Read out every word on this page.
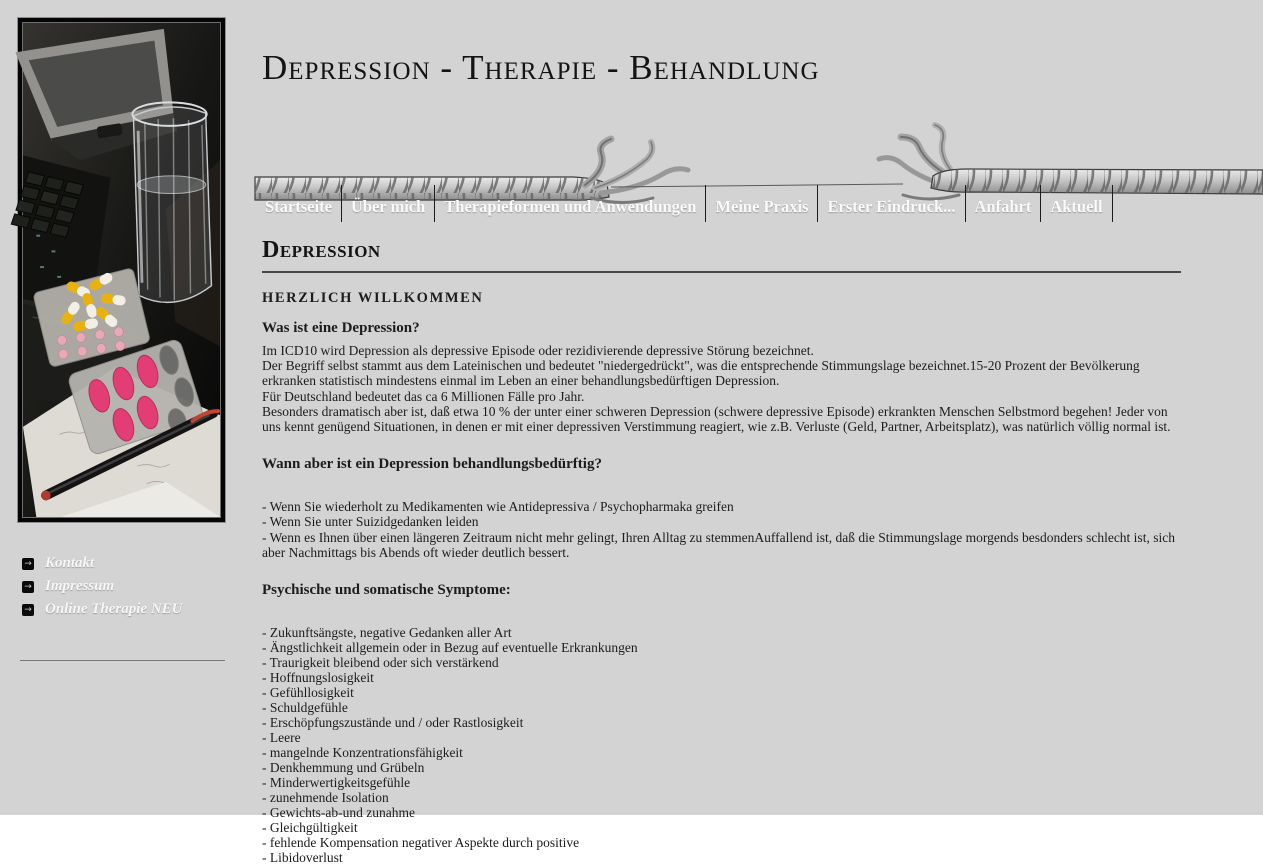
→ Kontakt
→ Impressum
→ Online Therapie NEU
Depression - Therapie - Behandlung
Startseite Über mich Therapieformen und Anwendungen Meine Praxis Erster Eindruck... Anfahrt Aktuell
Depression
HERZLICH WILLKOMMEN
Was ist eine Depression?

Im ICD10 wird Depression als depressive Episode oder rezidivierende depressive Störung bezeichnet.

Der Begriff selbst stammt aus dem Lateinischen und bedeutet "niedergedrückt", was die entsprechende Stimmungslage bezeichnet.15-20 Prozent der Bevölkerung erkranken statistisch mindestens einmal im Leben an einer behandlungsbedürftigen Depression.

Für Deutschland bedeutet das ca 6 Millionen Fälle pro Jahr.

Besonders dramatisch aber ist, daß etwa 10 % der unter einer schweren Depression (schwere depressive Episode) erkrankten Menschen Selbstmord begehen! Jeder von uns kennt genügend Situationen, in denen er mit einer depressiven Verstimmung reagiert, wie z.B. Verluste (Geld, Partner, Arbeitsplatz), was natürlich völlig normal ist.

Wann aber ist ein Depression behandlungsbedürftig?

- Wenn Sie wiederholt zu Medikamenten wie Antidepressiva / Psychopharmaka greifen

- Wenn Sie unter Suizidgedanken leiden

- Wenn es Ihnen über einen längeren Zeitraum nicht mehr gelingt, Ihren Alltag zu stemmenAuffallend ist, daß die Stimmungslage morgends besdonders schlecht ist, sich aber Nachmittags bis Abends oft wieder deutlich bessert.

Psychische und somatische Symptome:

- Zukunftsängste, negative Gedanken aller Art

- Ängstlichkeit allgemein oder in Bezug auf eventuelle Erkrankungen

- Traurigkeit bleibend oder sich verstärkend

- Hoffnungslosigkeit

- Gefühllosigkeit

- Schuldgefühle

- Erschöpfungszustände und / oder Rastlosigkeit

- Leere

- mangelnde Konzentrationsfähigkeit

- Denkhemmung und Grübeln

- Minderwertigkeitsgefühle

- zunehmende Isolation

- Gewichts-ab-und zunahme

- Gleichgültigkeit

- fehlende Kompensation negativer Aspekte durch positive

- Libidoverlust
